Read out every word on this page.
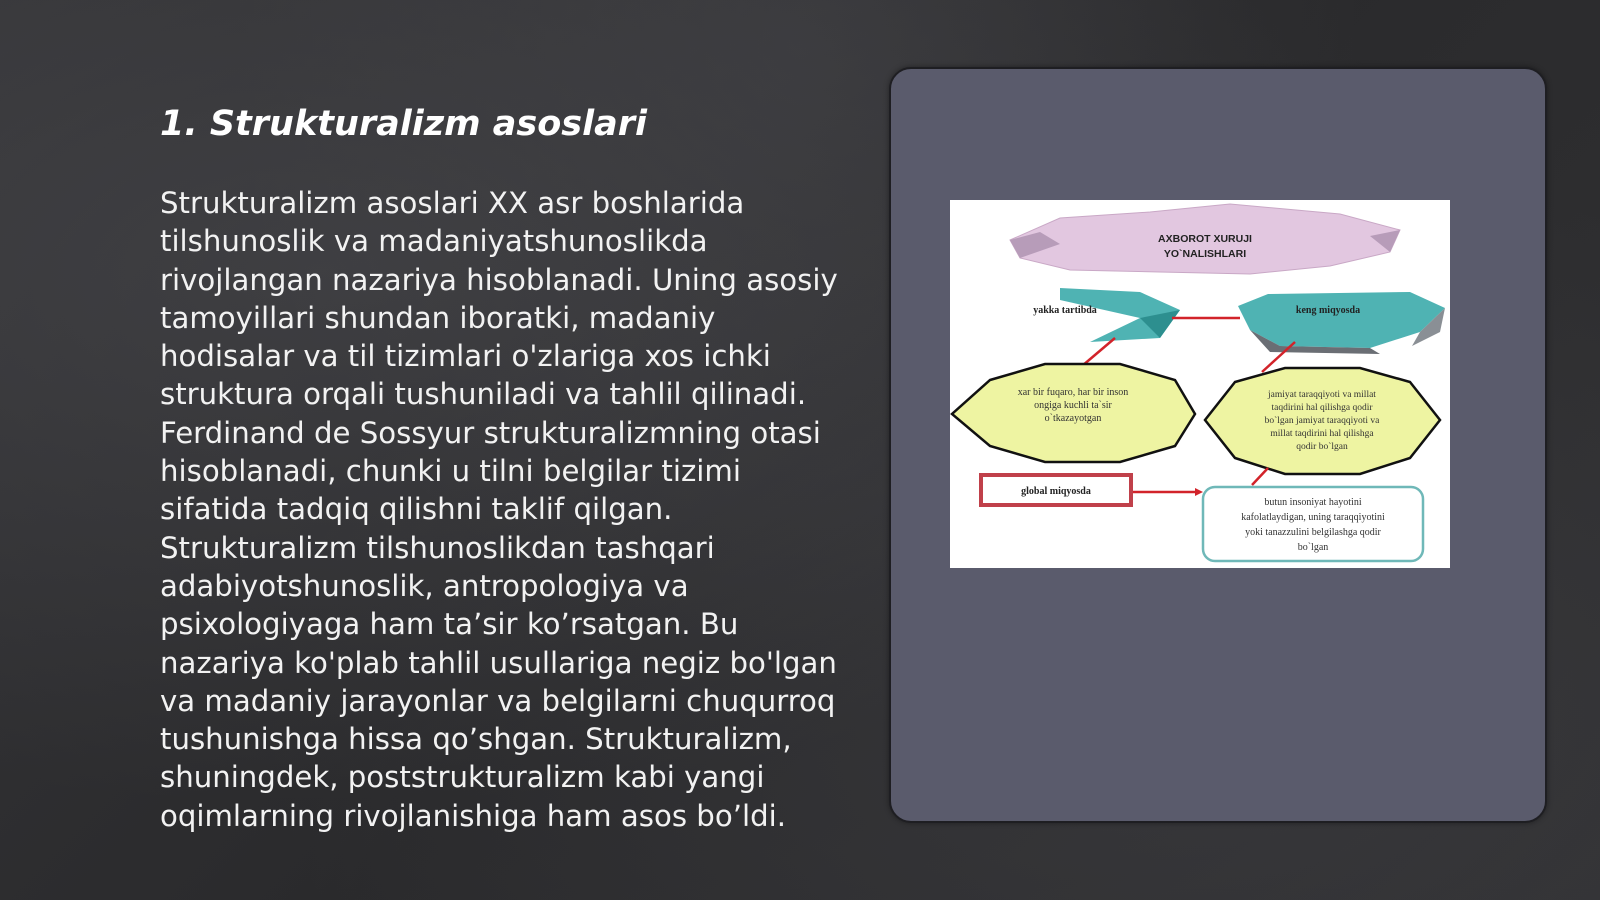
1. Strukturalizm asoslari

Strukturalizm asoslari XX asr boshlarida tilshunoslik va madaniyatshunoslikda rivojlangan nazariya hisoblanadi. Uning asosiy tamoyillari shundan iboratki, madaniy hodisalar va til tizimlari o'zlariga xos ichki struktura orqali tushuniladi va tahlil qilinadi. Ferdinand de Sossyur strukturalizmning otasi hisoblanadi, chunki u tilni belgilar tizimi sifatida tadqiq qilishni taklif qilgan. Strukturalizm tilshunoslikdan tashqari adabiyotshunoslik, antropologiya va psixologiyaga ham ta’sir ko’rsatgan. Bu nazariya ko'plab tahlil usullariga negiz bo'lgan va madaniy jarayonlar va belgilarni chuqurroq tushunishga hissa qo’shgan. Strukturalizm, shuningdek, poststrukturalizm kabi yangi oqimlarning rivojlanishiga ham asos bo’ldi.

AXBOROT XURUJI
YO`NALISHLARI
yakka tartibda	keng miqyosda
xar bir fuqaro, har bir inson
ongiga kuchli ta`sir
o`tkazayotgan
jamiyat taraqqiyoti va millat
taqdirini hal qilishga qodir
bo`lgan jamiyat taraqqiyoti va
millat taqdirini hal qilishga
qodir bo`lgan
global miqyosda
butun insoniyat hayotini
kafolatlaydigan, uning taraqqiyotini
yoki tanazzulini belgilashga qodir
bo`lgan
